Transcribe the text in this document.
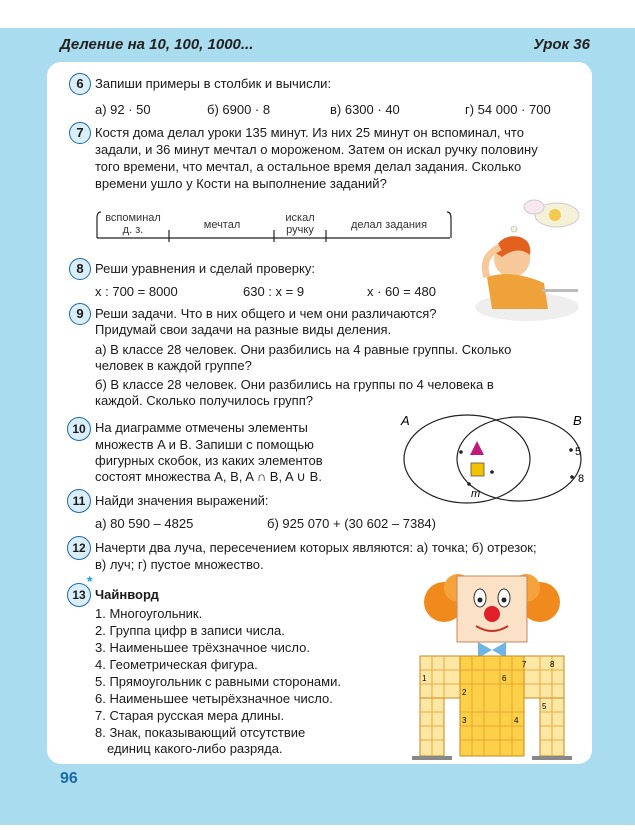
Деление на 10, 100, 1000...	Урок 36
6 Запиши примеры в столбик и вычисли:
а) 92 · 50	б) 6900 · 8	в) 6300 · 40	г) 54 000 · 700
7 Костя дома делал уроки 135 минут. Из них 25 минут он вспоминал, что
задали, и 36 минут мечтал о мороженом. Затем он искал ручку половину
того времени, что мечтал, а остальное время делал задания. Сколько
времени ушло у Кости на выполнение заданий?
вспоминал
д. з.	мечтал
искал
ручку	делал задания
8 Реши уравнения и сделай проверку:
x : 700 = 8000	630 : x = 9	x · 60 = 480
9 Реши задачи. Что в них общего и чем они различаются?
Придумай свои задачи на разные виды деления.
а) В классе 28 человек. Они разбились на 4 равные группы. Сколько
человек в каждой группе?
б) В классе 28 человек. Они разбились на группы по 4 человека в
каждой. Сколько получилось групп?
10 На диаграмме отмечены элементы
множеств A и B. Запиши с помощью
фигурных скобок, из каких элементов
состоят множества A, B, A ∩ B, A ∪ B.
A	B
5
8
m
11 Найди значения выражений:
а) 80 590 – 4825	б) 925 070 + (30 602 – 7384)
12 Начерти два луча, пересечением которых являются: а) точка; б) отрезок;
в) луч; г) пустое множество.
*
13 Чайнворд
1. Многоугольник.
2. Группа цифр в записи числа.
3. Наименьшее трёхзначное число.
4. Геометрическая фигура.
5. Прямоугольник с равными сторонами.
6. Наименьшее четырёхзначное число.
7. Старая русская мера длины.
8. Знак, показывающий отсутствие
единиц какого-либо разряда.
7	8
6
1
2
3	4
5
96
